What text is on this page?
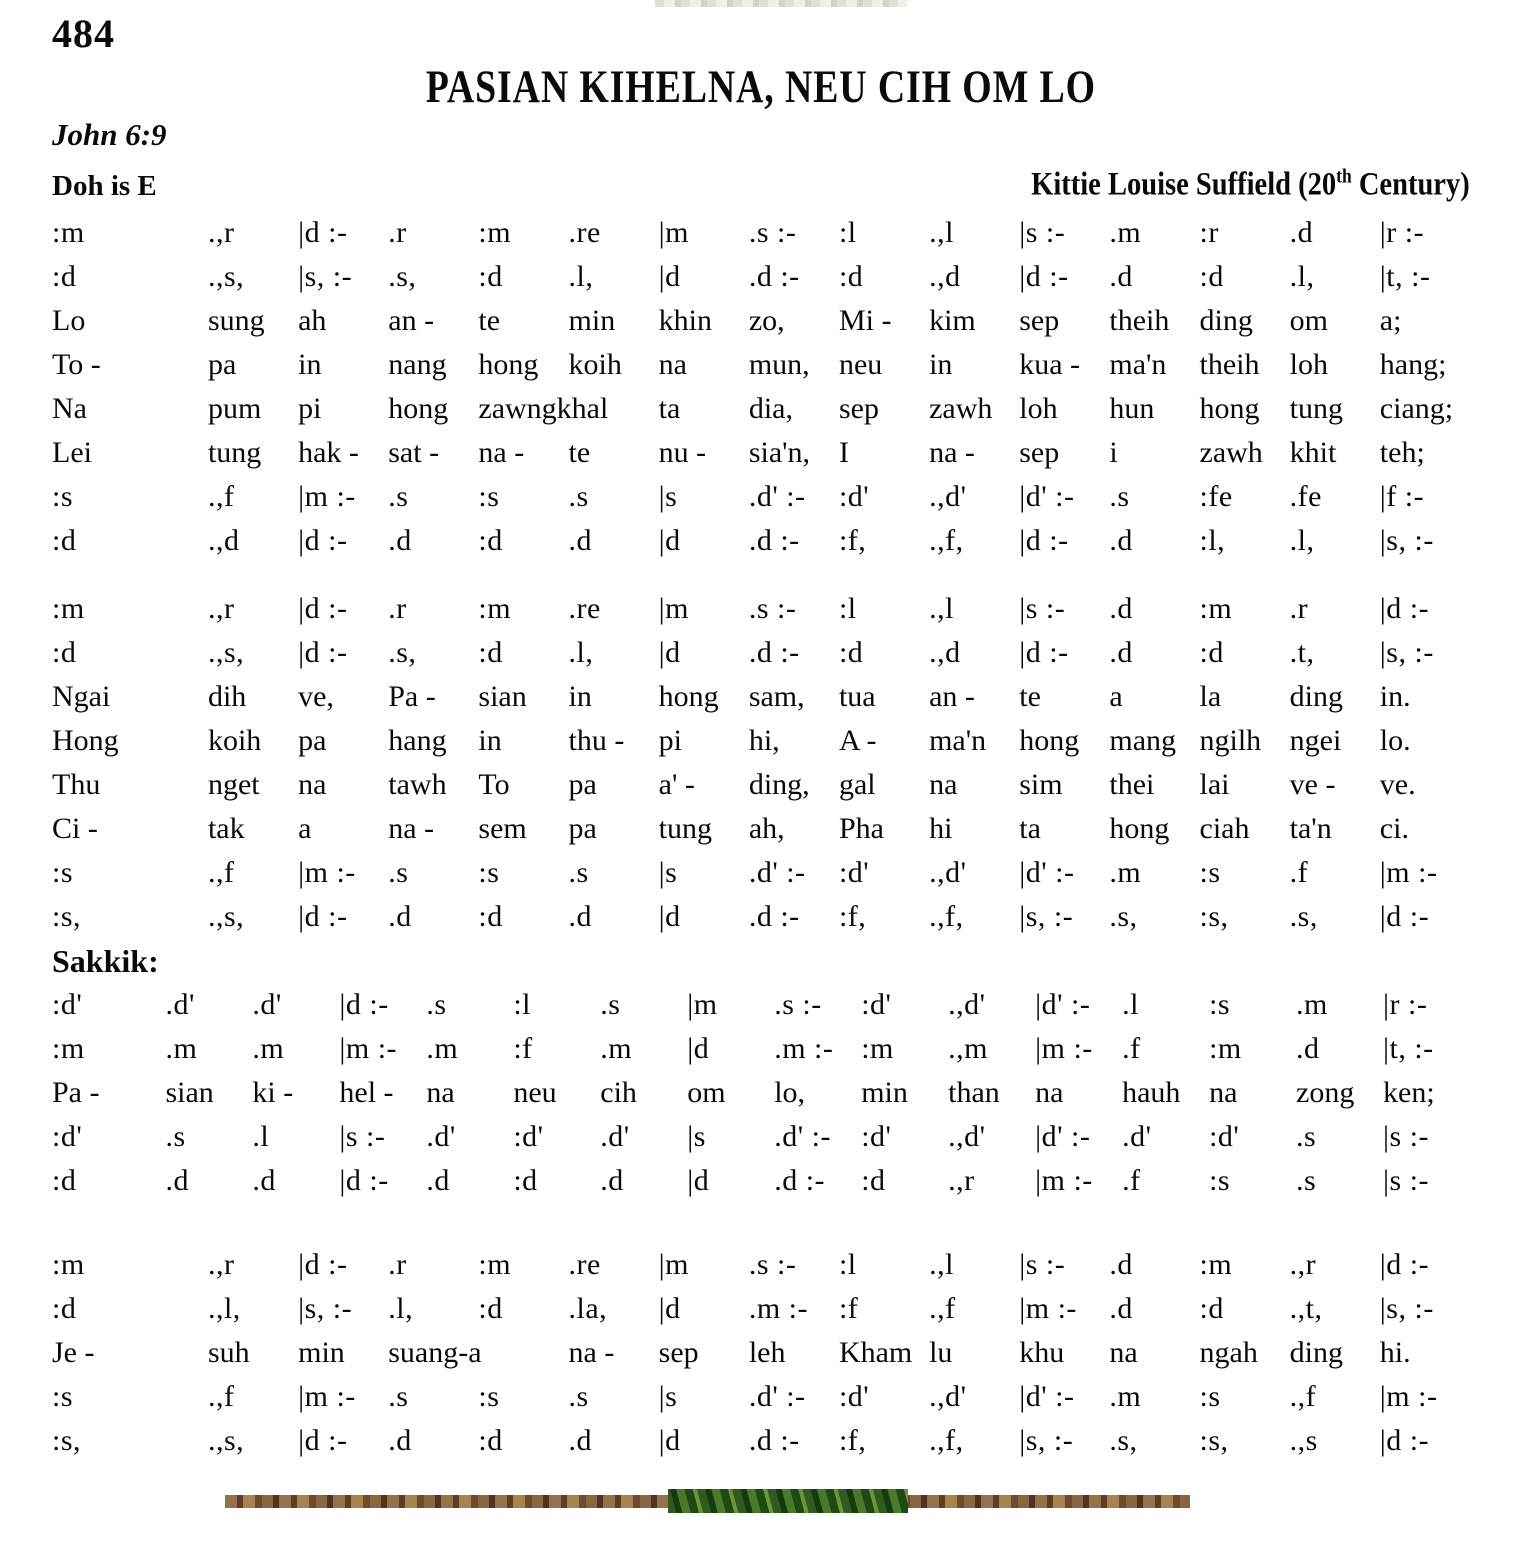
484
PASIAN KIHELNA, NEU CIH OM LO
John 6:9
Doh is E	Kittie Louise Suffield (20th Century)
:m	.,r	|d :-	.r	:m	.re	|m	.s :-	:l	.,l	|s :-	.m	:r	.d	|r :-
:d	.,s,	|s, :-	.s,	:d	.l,	|d	.d :-	:d	.,d	|d :-	.d	:d	.l,	|t, :-
Lo	sung	ah	an -	te	min	khin	zo,	Mi -	kim	sep	theih	ding	om	a;
To -	pa	in	nang	hong	koih	na	mun,	neu	in	kua -	ma'n	theih	loh	hang;
Na	pum	pi	hong	zawngkhal		ta	dia,	sep	zawh	loh	hun	hong	tung	ciang;
Lei	tung	hak -	sat -	na -	te	nu -	sia'n,	I	na -	sep	i	zawh	khit	teh;
:s	.,f	|m :-	.s	:s	.s	|s	.d' :-	:d'	.,d'	|d' :-	.s	:fe	.fe	|f :-
:d	.,d	|d :-	.d	:d	.d	|d	.d :-	:f,	.,f,	|d :-	.d	:l,	.l,	|s, :-
:m	.,r	|d :-	.r	:m	.re	|m	.s :-	:l	.,l	|s :-	.d	:m	.r	|d :-
:d	.,s,	|d :-	.s,	:d	.l,	|d	.d :-	:d	.,d	|d :-	.d	:d	.t,	|s, :-
Ngai	dih	ve,	Pa -	sian	in	hong	sam,	tua	an -	te	a	la	ding	in.
Hong	koih	pa	hang	in	thu -	pi	hi,	A -	ma'n	hong	mang	ngilh	ngei	lo.
Thu	nget	na	tawh	To	pa	a' -	ding,	gal	na	sim	thei	lai	ve -	ve.
Ci -	tak	a	na -	sem	pa	tung	ah,	Pha	hi	ta	hong	ciah	ta'n	ci.
:s	.,f	|m :-	.s	:s	.s	|s	.d' :-	:d'	.,d'	|d' :-	.m	:s	.f	|m :-
:s,	.,s,	|d :-	.d	:d	.d	|d	.d :-	:f,	.,f,	|s, :-	.s,	:s,	.s,	|d :-
Sakkik:
:d'	.d'	.d'	|d :-	.s	:l	.s	|m	.s :-	:d'	.,d'	|d' :-	.l	:s	.m	|r :-
:m	.m	.m	|m :-	.m	:f	.m	|d	.m :-	:m	.,m	|m :-	.f	:m	.d	|t, :-
Pa -	sian	ki -	hel -	na	neu	cih	om	lo,	min	than	na	hauh	na	zong	ken;
:d'	.s	.l	|s :-	.d'	:d'	.d'	|s	.d' :-	:d'	.,d'	|d' :-	.d'	:d'	.s	|s :-
:d	.d	.d	|d :-	.d	:d	.d	|d	.d :-	:d	.,r	|m :-	.f	:s	.s	|s :-
:m	.,r	|d :-	.r	:m	.re	|m	.s :-	:l	.,l	|s :-	.d	:m	.,r	|d :-
:d	.,l,	|s, :-	.l,	:d	.la,	|d	.m :-	:f	.,f	|m :-	.d	:d	.,t,	|s, :-
Je -	suh	min	suang-a		na -	sep	leh	Kham	lu	khu	na	ngah	ding	hi.
:s	.,f	|m :-	.s	:s	.s	|s	.d' :-	:d'	.,d'	|d' :-	.m	:s	.,f	|m :-
:s,	.,s,	|d :-	.d	:d	.d	|d	.d :-	:f,	.,f,	|s, :-	.s,	:s,	.,s	|d :-
